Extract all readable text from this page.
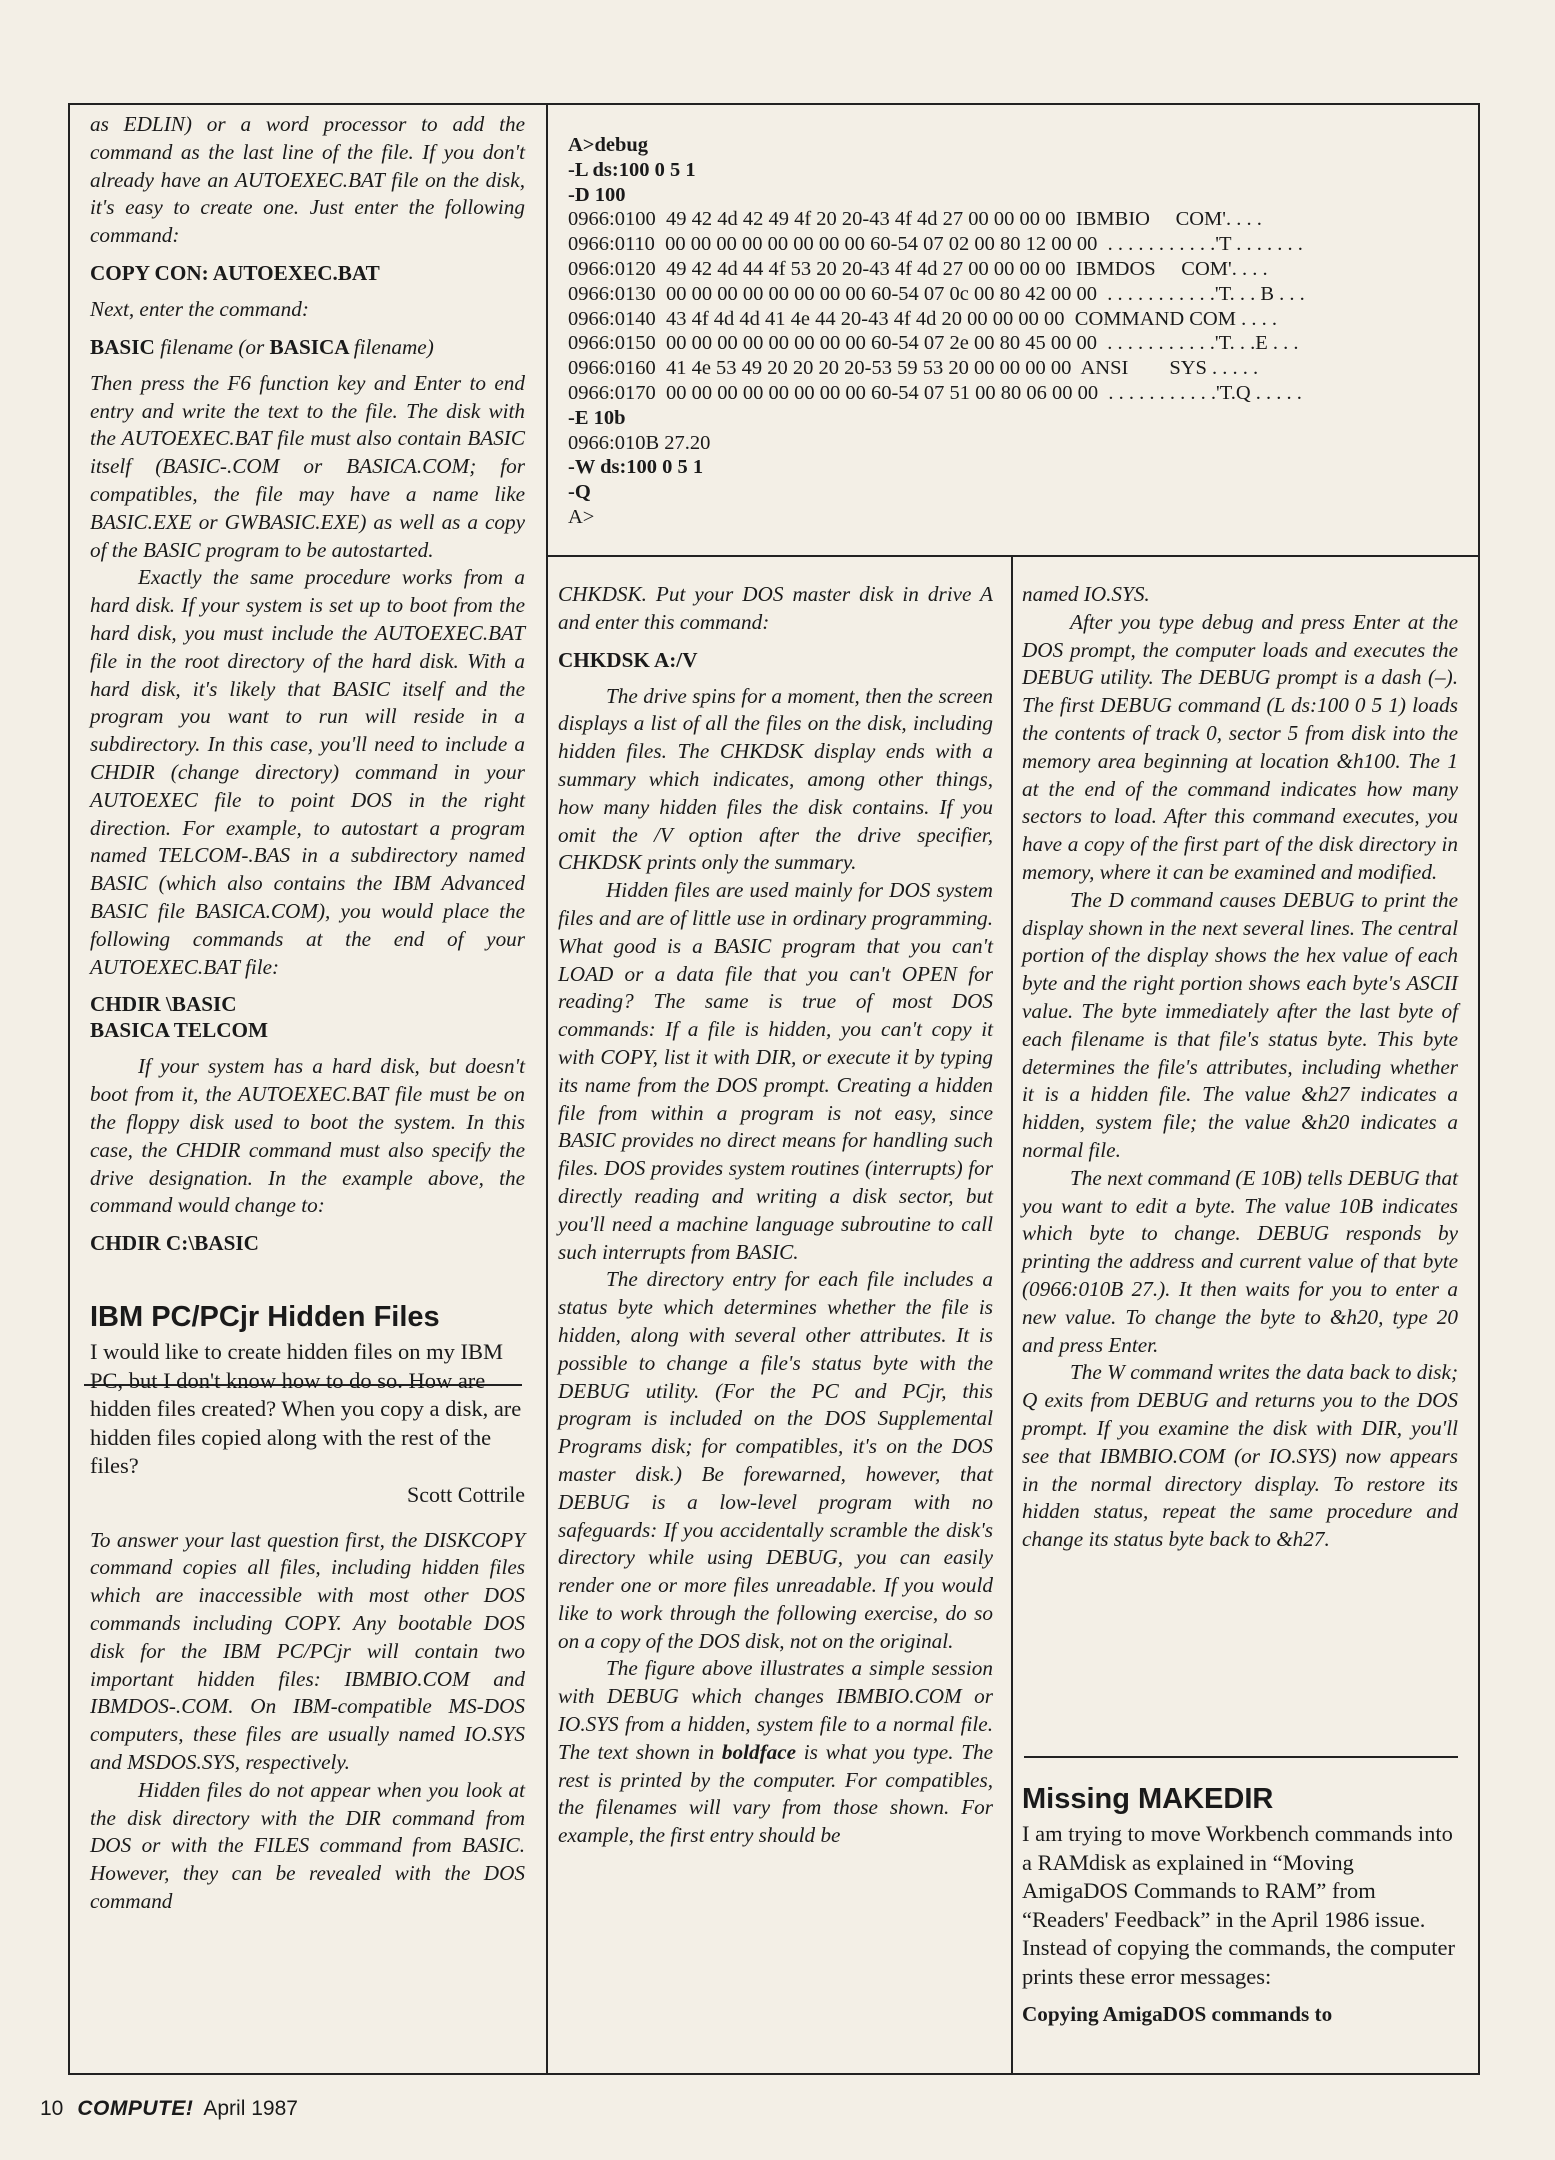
as EDLIN) or a word processor to add the command as the last line of the file. If you don't already have an AUTOEXEC.BAT file on the disk, it's easy to create one. Just enter the following command:

COPY CON: AUTOEXEC.BAT

Next, enter the command:

BASIC filename (or BASICA filename)

Then press the F6 function key and Enter to end entry and write the text to the file. The disk with the AUTOEXEC.BAT file must also contain BASIC itself (BASIC-.COM or BASICA.COM; for compatibles, the file may have a name like BASIC.EXE or GWBASIC.EXE) as well as a copy of the BASIC program to be autostarted.

Exactly the same procedure works from a hard disk. If your system is set up to boot from the hard disk, you must include the AUTOEXEC.BAT file in the root directory of the hard disk. With a hard disk, it's likely that BASIC itself and the program you want to run will reside in a subdirectory. In this case, you'll need to include a CHDIR (change directory) command in your AUTOEXEC file to point DOS in the right direction. For example, to autostart a program named TELCOM-.BAS in a subdirectory named BASIC (which also contains the IBM Advanced BASIC file BASICA.COM), you would place the following commands at the end of your AUTOEXEC.BAT file:

CHDIR \BASIC
BASICA TELCOM

If your system has a hard disk, but doesn't boot from it, the AUTOEXEC.BAT file must be on the floppy disk used to boot the system. In this case, the CHDIR command must also specify the drive designation. In the example above, the command would change to:

CHDIR C:\BASIC
IBM PC/PCjr Hidden Files

I would like to create hidden files on my IBM PC, but I don't know how to do so. How are hidden files created? When you copy a disk, are hidden files copied along with the rest of the files?

Scott Cottrile

To answer your last question first, the DISKCOPY command copies all files, including hidden files which are inaccessible with most other DOS commands including COPY. Any bootable DOS disk for the IBM PC/PCjr will contain two important hidden files: IBMBIO.COM and IBMDOS-.COM. On IBM-compatible MS-DOS computers, these files are usually named IO.SYS and MSDOS.SYS, respectively.

Hidden files do not appear when you look at the disk directory with the DIR command from DOS or with the FILES command from BASIC. However, they can be revealed with the DOS command

A>debug
-L ds:100 0 5 1
-D 100
0966:0100  49 42 4d 42 49 4f 20 20-43 4f 4d 27 00 00 00 00  IBMBIO     COM'. . . .
0966:0110  00 00 00 00 00 00 00 00 60-54 07 02 00 80 12 00 00  . . . . . . . . . . .'T . . . . . . .
0966:0120  49 42 4d 44 4f 53 20 20-43 4f 4d 27 00 00 00 00  IBMDOS     COM'. . . .
0966:0130  00 00 00 00 00 00 00 00 60-54 07 0c 00 80 42 00 00  . . . . . . . . . . .'T. . . B . . .
0966:0140  43 4f 4d 4d 41 4e 44 20-43 4f 4d 20 00 00 00 00  COMMAND COM . . . .
0966:0150  00 00 00 00 00 00 00 00 60-54 07 2e 00 80 45 00 00  . . . . . . . . . . .'T. . .E . . .
0966:0160  41 4e 53 49 20 20 20 20-53 59 53 20 00 00 00 00  ANSI        SYS . . . . .
0966:0170  00 00 00 00 00 00 00 00 60-54 07 51 00 80 06 00 00  . . . . . . . . . . .'T.Q . . . . .
-E 10b
0966:010B 27.20
-W ds:100 0 5 1
-Q
A>

CHKDSK. Put your DOS master disk in drive A and enter this command:

CHKDSK A:/V

The drive spins for a moment, then the screen displays a list of all the files on the disk, including hidden files. The CHKDSK display ends with a summary which indicates, among other things, how many hidden files the disk contains. If you omit the /V option after the drive specifier, CHKDSK prints only the summary.

Hidden files are used mainly for DOS system files and are of little use in ordinary programming. What good is a BASIC program that you can't LOAD or a data file that you can't OPEN for reading? The same is true of most DOS commands: If a file is hidden, you can't copy it with COPY, list it with DIR, or execute it by typing its name from the DOS prompt. Creating a hidden file from within a program is not easy, since BASIC provides no direct means for handling such files. DOS provides system routines (interrupts) for directly reading and writing a disk sector, but you'll need a machine language subroutine to call such interrupts from BASIC.

The directory entry for each file includes a status byte which determines whether the file is hidden, along with several other attributes. It is possible to change a file's status byte with the DEBUG utility. (For the PC and PCjr, this program is included on the DOS Supplemental Programs disk; for compatibles, it's on the DOS master disk.) Be forewarned, however, that DEBUG is a low-level program with no safeguards: If you accidentally scramble the disk's directory while using DEBUG, you can easily render one or more files unreadable. If you would like to work through the following exercise, do so on a copy of the DOS disk, not on the original.

The figure above illustrates a simple session with DEBUG which changes IBMBIO.COM or IO.SYS from a hidden, system file to a normal file. The text shown in boldface is what you type. The rest is printed by the computer. For compatibles, the filenames will vary from those shown. For example, the first entry should be

named IO.SYS.

After you type debug and press Enter at the DOS prompt, the computer loads and executes the DEBUG utility. The DEBUG prompt is a dash (–). The first DEBUG command (L ds:100 0 5 1) loads the contents of track 0, sector 5 from disk into the memory area beginning at location &h100. The 1 at the end of the command indicates how many sectors to load. After this command executes, you have a copy of the first part of the disk directory in memory, where it can be examined and modified.

The D command causes DEBUG to print the display shown in the next several lines. The central portion of the display shows the hex value of each byte and the right portion shows each byte's ASCII value. The byte immediately after the last byte of each filename is that file's status byte. This byte determines the file's attributes, including whether it is a hidden file. The value &h27 indicates a hidden, system file; the value &h20 indicates a normal file.

The next command (E 10B) tells DEBUG that you want to edit a byte. The value 10B indicates which byte to change. DEBUG responds by printing the address and current value of that byte (0966:010B 27.). It then waits for you to enter a new value. To change the byte to &h20, type 20 and press Enter.

The W command writes the data back to disk; Q exits from DEBUG and returns you to the DOS prompt. If you examine the disk with DIR, you'll see that IBMBIO.COM (or IO.SYS) now appears in the normal directory display. To restore its hidden status, repeat the same procedure and change its status byte back to &h27.

Missing MAKEDIR

I am trying to move Workbench commands into a RAMdisk as explained in “Moving AmigaDOS Commands to RAM” from “Readers' Feedback” in the April 1986 issue. Instead of copying the commands, the computer prints these error messages:

Copying AmigaDOS commands to
10 COMPUTE! April 1987
